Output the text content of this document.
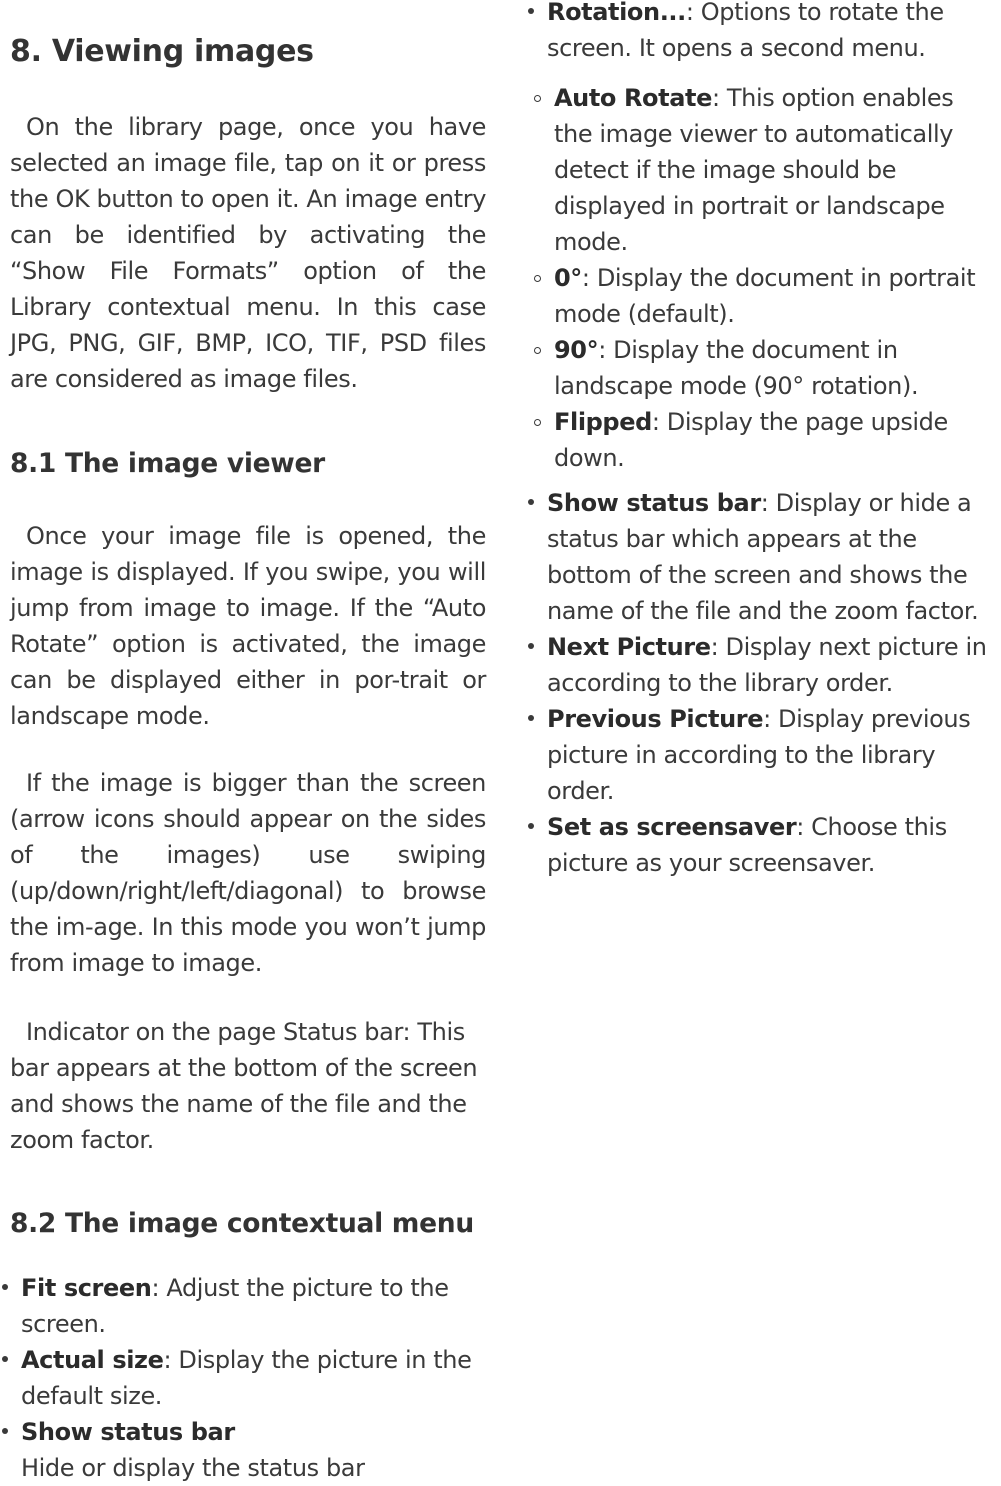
8. Viewing images

On the library page, once you have selected an image file, tap on it or press the OK button to open it. An image entry can be identified by activating the “Show File Formats” option of the Library contextual menu. In this case JPG, PNG, GIF, BMP, ICO, TIF, PSD files are considered as image files.

8.1 The image viewer

Once your image file is opened, the image is displayed. If you swipe, you will jump from image to image. If the “Auto Rotate” option is activated, the image can be displayed either in por-trait or landscape mode.

If the image is bigger than the screen (arrow icons should appear on the sides of the images) use swiping (up/down/right/left/diagonal) to browse the im-age. In this mode you won’t jump from image to image.

Indicator on the page Status bar: This bar appears at the bottom of the screen and shows the name of the file and the zoom factor.

8.2 The image contextual menu
Fit screen: Adjust the picture to the screen.
Actual size: Display the picture in the default size.
Show status bar
Hide or display the status bar
Rotation...: Options to rotate the screen. It opens a second menu.
Auto Rotate: This option enables the image viewer to automatically detect if the image should be displayed in portrait or landscape mode.
0°: Display the document in portrait mode (default).
90°: Display the document in landscape mode (90° rotation).
Flipped: Display the page upside down.
Show status bar: Display or hide a status bar which appears at the bottom of the screen and shows the name of the file and the zoom factor.
Next Picture: Display next picture in according to the library order.
Previous Picture: Display previous picture in according to the library order.
Set as screensaver: Choose this picture as your screensaver.
